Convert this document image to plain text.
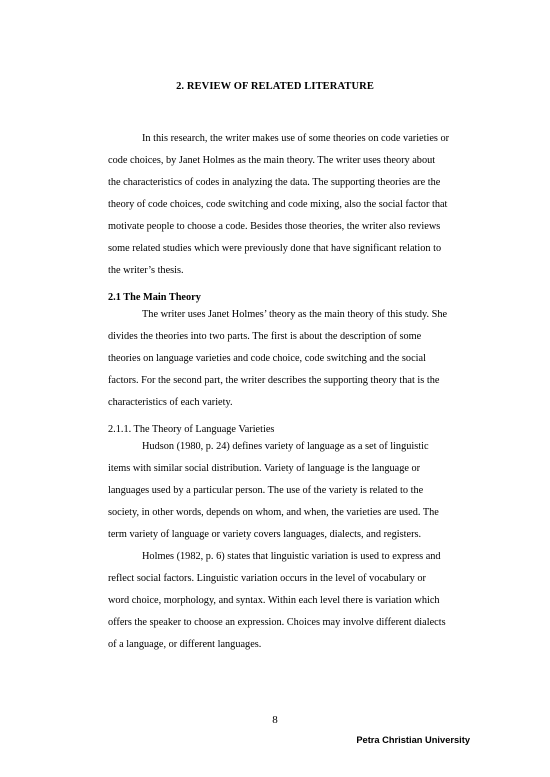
2. REVIEW OF RELATED LITERATURE
In this research, the writer makes use of some theories on code varieties or
code choices, by Janet Holmes as the main theory. The writer uses theory about
the characteristics of codes in analyzing the data. The supporting theories are the
theory of code choices, code switching and code mixing, also the social factor that
motivate people to choose a code. Besides those theories, the writer also reviews
some related studies which were previously done that have significant relation to
the writer’s thesis.
2.1 The Main Theory
The writer uses Janet Holmes’ theory as the main theory of this study. She
divides the theories into two parts. The first is about the description of some
theories on language varieties and code choice, code switching and the social
factors. For the second part, the writer describes the supporting theory that is the
characteristics of each variety.
2.1.1. The Theory of Language Varieties
Hudson (1980, p. 24) defines variety of language as a set of linguistic
items with similar social distribution. Variety of language is the language or
languages used by a particular person. The use of the variety is related to the
society, in other words, depends on whom, and when, the varieties are used. The
term variety of language or variety covers languages, dialects, and registers.
Holmes (1982, p. 6) states that linguistic variation is used to express and
reflect social factors. Linguistic variation occurs in the level of vocabulary or
word choice, morphology, and syntax. Within each level there is variation which
offers the speaker to choose an expression. Choices may involve different dialects
of a language, or different languages.
8
Petra Christian University
